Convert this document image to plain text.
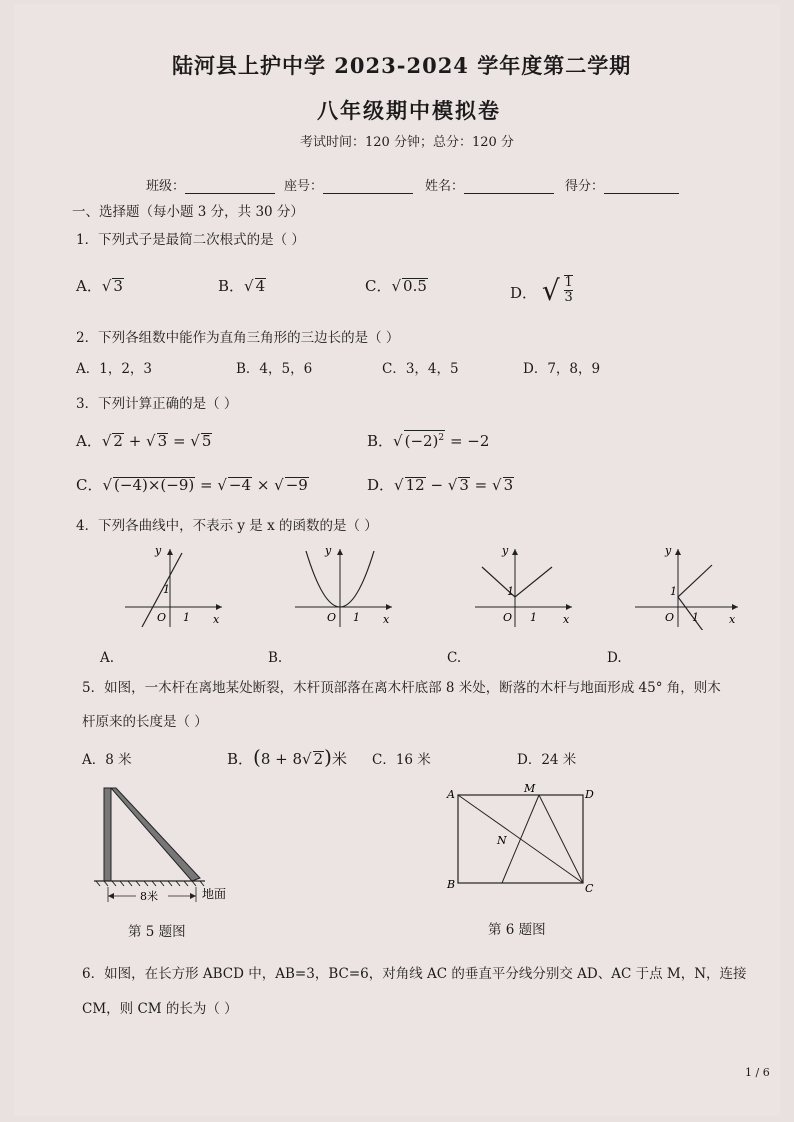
陆河县上护中学 2023-2024 学年度第二学期
八年级期中模拟卷
考试时间：120 分钟；总分：120 分
班级：	座号：	姓名：	得分：
一、选择题（每小题 3 分，共 30 分）
1．下列式子是最简二次根式的是（ ）
A．√ 3	B．√ 4	C．√ 0.5	D． √ $\frac{1}{3}$
2．下列各组数中能作为直角三角形的三边长的是（ ）
A．1，2，3	B．4，5，6	C．3，4，5	D．7，8，9
3．下列计算正确的是（ ）
A．√ 2 + √ 3 = √ 5	B．√ $(-2)^2 = -2$
C．√ (−4)×(−9) = √ −4 × √ −9	D．√ 12 − √ 3 = √ 3
4．下列各曲线中，不表示 y 是 x 的函数的是（ ）
y
x
O
1
1
A.
y
x
O 1
B.
y
x
O
1
1
C.
y
x
O
1
1
D.
5．如图，一木杆在离地某处断裂，木杆顶部落在离木杆底部 8 米处，断落的木杆与地面形成 45° 角，则木
杆原来的长度是（ ）
A．8 米	B．(8 + 8√ 2)米 C．16 米	D．24 米
8米	地面
第 5 题图
A
B	C
D
M
N
第 6 题图
6．如图，在长方形 ABCD 中，AB=3，BC=6，对角线 AC 的垂直平分线分别交 AD、AC 于点 M，N，连接
CM，则 CM 的长为（ ）
1 / 6
